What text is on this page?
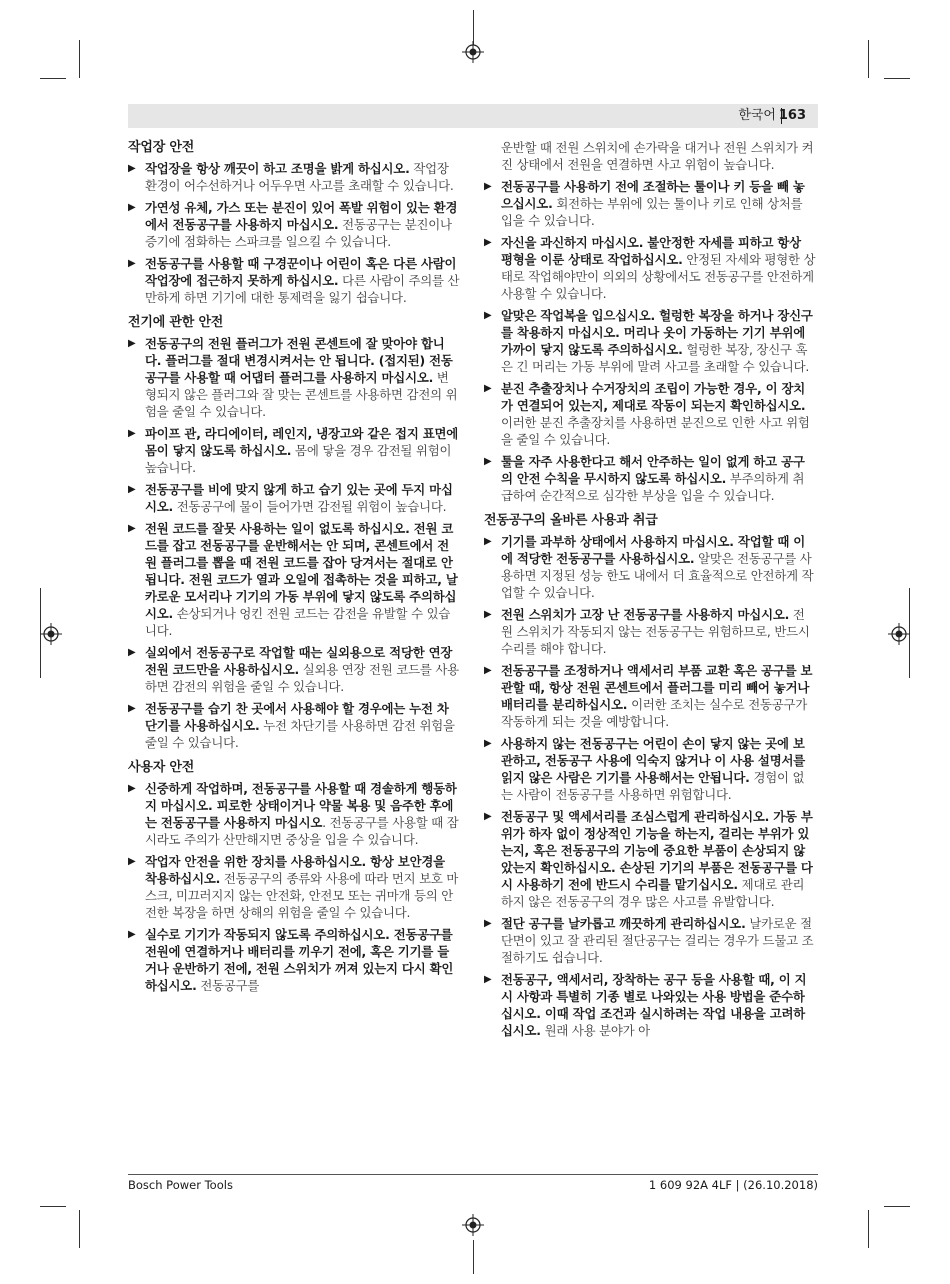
한국어 163
작업장 안전
▶ 작업장을 항상 깨끗이 하고 조명을 밝게 하십시오. 작업장 환경이 어수선하거나 어두우면 사고를 초래할 수 있습니다.
▶ 가연성 유체, 가스 또는 분진이 있어 폭발 위험이 있는 환경에서 전동공구를 사용하지 마십시오. 전동공구는 분진이나 증기에 점화하는 스파크를 일으킬 수 있습니다.
▶ 전동공구를 사용할 때 구경꾼이나 어린이 혹은 다른 사람이 작업장에 접근하지 못하게 하십시오. 다른 사람이 주의를 산만하게 하면 기기에 대한 통제력을 잃기 쉽습니다.
전기에 관한 안전
▶ 전동공구의 전원 플러그가 전원 콘센트에 잘 맞아야 합니다. 플러그를 절대 변경시켜서는 안 됩니다. (접지된) 전동공구를 사용할 때 어댑터 플러그를 사용하지 마십시오. 변형되지 않은 플러그와 잘 맞는 콘센트를 사용하면 감전의 위험을 줄일 수 있습니다.
▶ 파이프 관, 라디에이터, 레인지, 냉장고와 같은 접지 표면에 몸이 닿지 않도록 하십시오. 몸에 닿을 경우 감전될 위험이 높습니다.
▶ 전동공구를 비에 맞지 않게 하고 습기 있는 곳에 두지 마십시오. 전동공구에 물이 들어가면 감전될 위험이 높습니다.
▶ 전원 코드를 잘못 사용하는 일이 없도록 하십시오. 전원 코드를 잡고 전동공구를 운반해서는 안 되며, 콘센트에서 전원 플러그를 뽑을 때 전원 코드를 잡아 당겨서는 절대로 안 됩니다. 전원 코드가 열과 오일에 접촉하는 것을 피하고, 날카로운 모서리나 기기의 가동 부위에 닿지 않도록 주의하십시오. 손상되거나 엉킨 전원 코드는 감전을 유발할 수 있습니다.
▶ 실외에서 전동공구로 작업할 때는 실외용으로 적당한 연장 전원 코드만을 사용하십시오. 실외용 연장 전원 코드를 사용하면 감전의 위험을 줄일 수 있습니다.
▶ 전동공구를 습기 찬 곳에서 사용해야 할 경우에는 누전 차단기를 사용하십시오. 누전 차단기를 사용하면 감전 위험을 줄일 수 있습니다.
사용자 안전
▶ 신중하게 작업하며, 전동공구를 사용할 때 경솔하게 행동하지 마십시오. 피로한 상태이거나 약물 복용 및 음주한 후에는 전동공구를 사용하지 마십시오. 전동공구를 사용할 때 잠시라도 주의가 산만해지면 중상을 입을 수 있습니다.
▶ 작업자 안전을 위한 장치를 사용하십시오. 항상 보안경을 착용하십시오. 전동공구의 종류와 사용에 따라 먼지 보호 마스크, 미끄러지지 않는 안전화, 안전모 또는 귀마개 등의 안전한 복장을 하면 상해의 위험을 줄일 수 있습니다.
▶ 실수로 기기가 작동되지 않도록 주의하십시오. 전동공구를 전원에 연결하거나 배터리를 끼우기 전에, 혹은 기기를 들거나 운반하기 전에, 전원 스위치가 꺼져 있는지 다시 확인하십시오. 전동공구를
운반할 때 전원 스위치에 손가락을 대거나 전원 스위치가 켜진 상태에서 전원을 연결하면 사고 위험이 높습니다.
▶ 전동공구를 사용하기 전에 조절하는 툴이나 키 등을 빼 놓으십시오. 회전하는 부위에 있는 툴이나 키로 인해 상처를 입을 수 있습니다.
▶ 자신을 과신하지 마십시오. 불안정한 자세를 피하고 항상 평형을 이룬 상태로 작업하십시오. 안정된 자세와 평형한 상태로 작업해야만이 의외의 상황에서도 전동공구를 안전하게 사용할 수 있습니다.
▶ 알맞은 작업복을 입으십시오. 헐렁한 복장을 하거나 장신구를 착용하지 마십시오. 머리나 옷이 가동하는 기기 부위에 가까이 닿지 않도록 주의하십시오. 헐렁한 복장, 장신구 혹은 긴 머리는 가동 부위에 말려 사고를 초래할 수 있습니다.
▶ 분진 추출장치나 수거장치의 조립이 가능한 경우, 이 장치가 연결되어 있는지, 제대로 작동이 되는지 확인하십시오. 이러한 분진 추출장치를 사용하면 분진으로 인한 사고 위험을 줄일 수 있습니다.
▶ 툴을 자주 사용한다고 해서 안주하는 일이 없게 하고 공구의 안전 수칙을 무시하지 않도록 하십시오. 부주의하게 취급하여 순간적으로 심각한 부상을 입을 수 있습니다.
전동공구의 올바른 사용과 취급
▶ 기기를 과부하 상태에서 사용하지 마십시오. 작업할 때 이에 적당한 전동공구를 사용하십시오. 알맞은 전동공구를 사용하면 지정된 성능 한도 내에서 더 효율적으로 안전하게 작업할 수 있습니다.
▶ 전원 스위치가 고장 난 전동공구를 사용하지 마십시오. 전원 스위치가 작동되지 않는 전동공구는 위험하므로, 반드시 수리를 해야 합니다.
▶ 전동공구를 조정하거나 액세서리 부품 교환 혹은 공구를 보관할 때, 항상 전원 콘센트에서 플러그를 미리 빼어 놓거나 배터리를 분리하십시오. 이러한 조치는 실수로 전동공구가 작동하게 되는 것을 예방합니다.
▶ 사용하지 않는 전동공구는 어린이 손이 닿지 않는 곳에 보관하고, 전동공구 사용에 익숙지 않거나 이 사용 설명서를 읽지 않은 사람은 기기를 사용해서는 안됩니다. 경험이 없는 사람이 전동공구를 사용하면 위험합니다.
▶ 전동공구 및 액세서리를 조심스럽게 관리하십시오. 가동 부위가 하자 없이 정상적인 기능을 하는지, 걸리는 부위가 있는지, 혹은 전동공구의 기능에 중요한 부품이 손상되지 않았는지 확인하십시오. 손상된 기기의 부품은 전동공구를 다시 사용하기 전에 반드시 수리를 맡기십시오. 제대로 관리하지 않은 전동공구의 경우 많은 사고를 유발합니다.
▶ 절단 공구를 날카롭고 깨끗하게 관리하십시오. 날카로운 절단면이 있고 잘 관리된 절단공구는 걸리는 경우가 드물고 조절하기도 쉽습니다.
▶ 전동공구, 액세서리, 장착하는 공구 등을 사용할 때, 이 지시 사항과 특별히 기종 별로 나와있는 사용 방법을 준수하십시오. 이때 작업 조건과 실시하려는 작업 내용을 고려하십시오. 원래 사용 분야가 아
Bosch Power Tools	1 609 92A 4LF | (26.10.2018)
